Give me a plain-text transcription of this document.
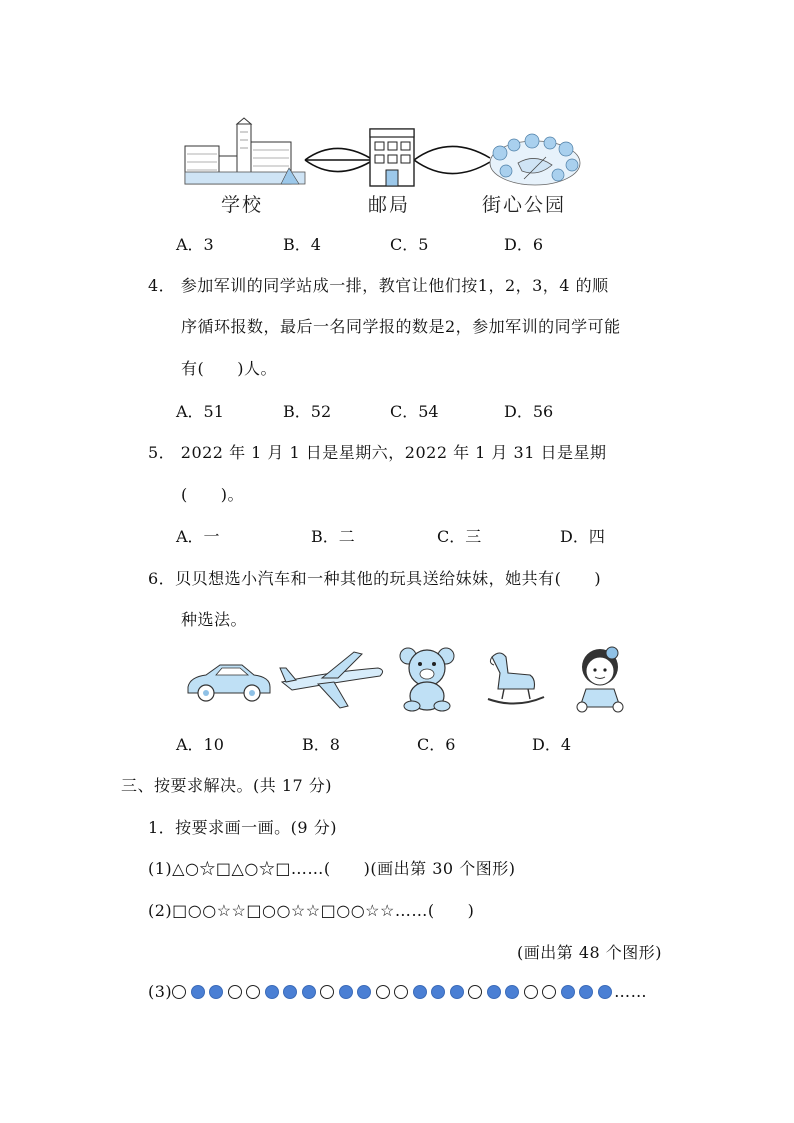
学校	邮局	街心公园
A．3	B．4	C．5	D．6
4． 参加军训的同学站成一排，教官让他们按1，2，3，4 的顺
序循环报数，最后一名同学报的数是2，参加军训的同学可能
有(　　)人。
A．51	B．52	C．54	D．56
5． 2022 年 1 月 1 日是星期六，2022 年 1 月 31 日是星期
(　　)。
A．一	B．二	C．三	D．四
6．贝贝想选小汽车和一种其他的玩具送给妹妹，她共有(　　)
种选法。
A．10	B．8	C．6	D．4
三、按要求解决。(共 17 分)
1．按要求画一画。(9 分)
(1)△○☆□△○☆□……(　　)(画出第 30 个图形)
(2)□○○☆☆□○○☆☆□○○☆☆……(　　)
(画出第 48 个图形)
(3)	……
